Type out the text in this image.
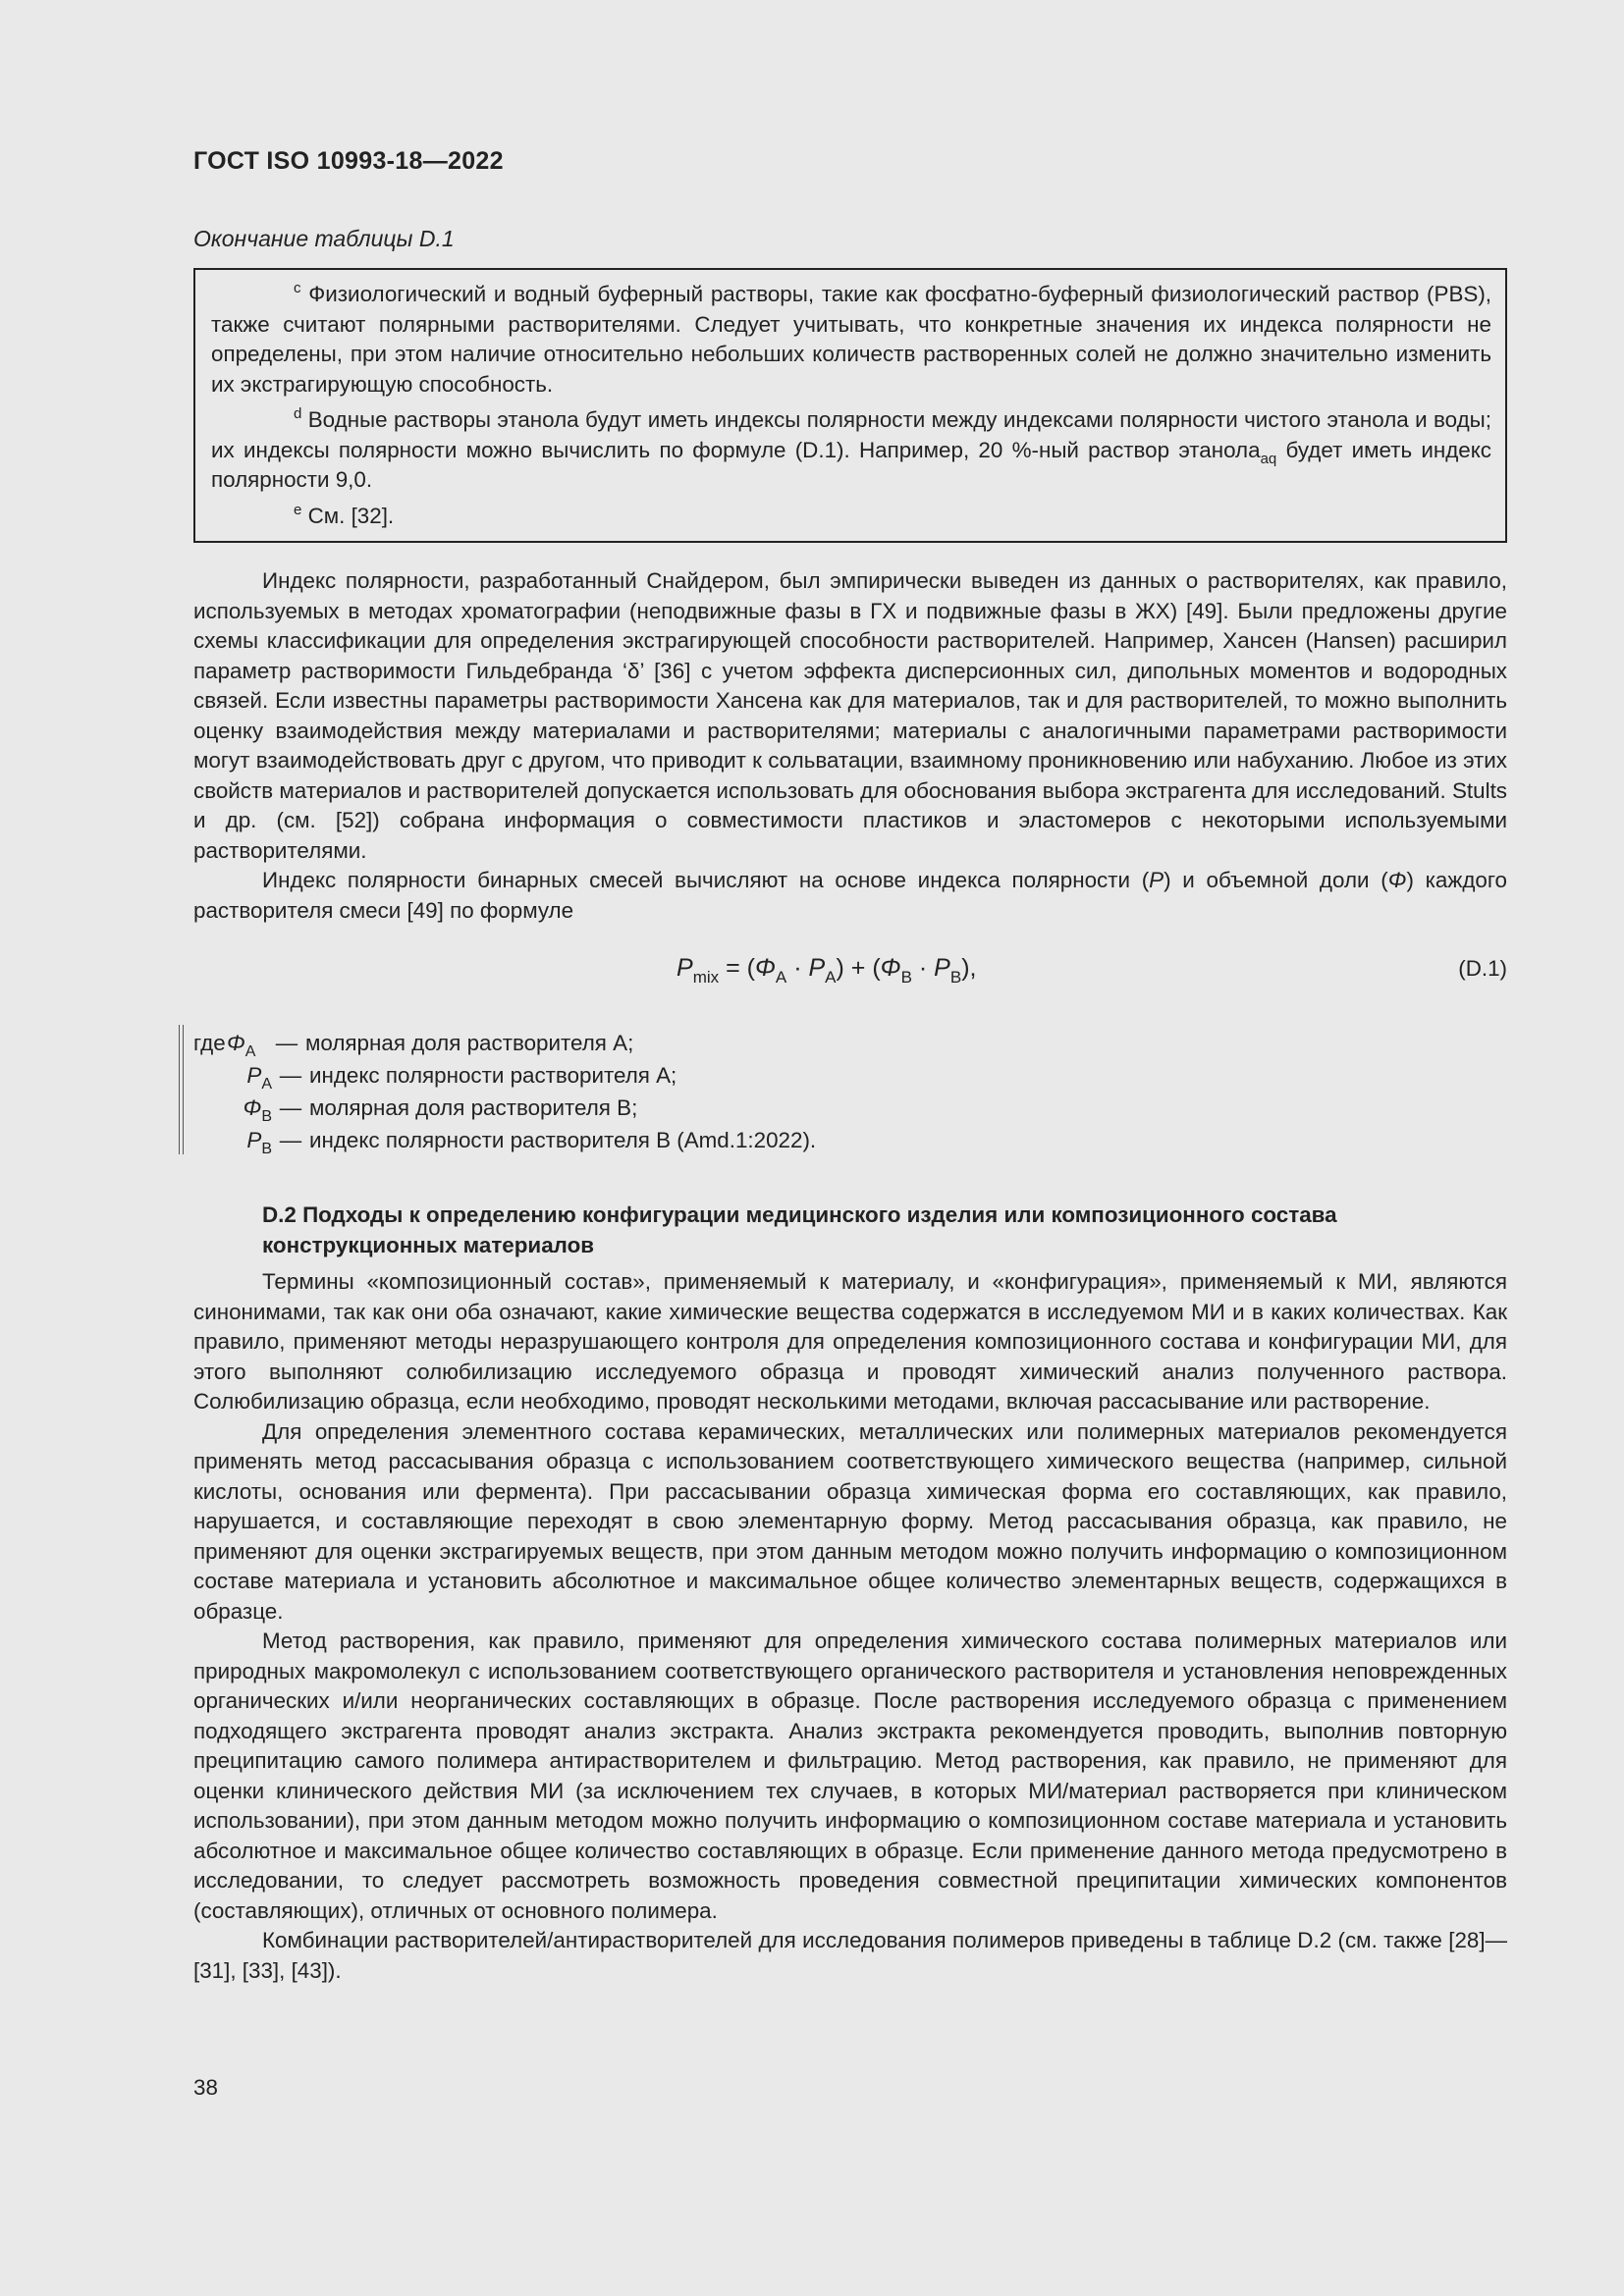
ГОСТ ISO 10993-18—2022
Окончание таблицы D.1

$^c$ Физиологический и водный буферный растворы, такие как фосфатно-буферный физиологический раствор (PBS), также считают полярными растворителями. Следует учитывать, что конкретные значения их индекса полярности не определены, при этом наличие относительно небольших количеств растворенных солей не должно значительно изменить их экстрагирующую способность.

$^d$ Водные растворы этанола будут иметь индексы полярности между индексами полярности чистого этанола и воды; их индексы полярности можно вычислить по формуле (D.1). Например, 20 %-ный раствор этанола$_{aq}$ будет иметь индекс полярности 9,0.

$^e$ См. [32].

Индекс полярности, разработанный Снайдером, был эмпирически выведен из данных о растворителях, как правило, используемых в методах хроматографии (неподвижные фазы в ГХ и подвижные фазы в ЖХ) [49]. Были предложены другие схемы классификации для определения экстрагирующей способности растворителей. Например, Хансен (Hansen) расширил параметр растворимости Гильдебранда ‘δ’ [36] с учетом эффекта дисперсионных сил, дипольных моментов и водородных связей. Если известны параметры растворимости Хансена как для материалов, так и для растворителей, то можно выполнить оценку взаимодействия между материалами и растворителями; материалы с аналогичными параметрами растворимости могут взаимодействовать друг с другом, что приводит к сольватации, взаимному проникновению или набуханию. Любое из этих свойств материалов и растворителей допускается использовать для обоснования выбора экстрагента для исследований. Stults и др. (см. [52]) собрана информация о совместимости пластиков и эластомеров с некоторыми используемыми растворителями.

Индекс полярности бинарных смесей вычисляют на основе индекса полярности (P) и объемной доли (Φ) каждого растворителя смеси [49] по формуле

$P_{mix} = (\Phi_A \cdot P_A) + (\Phi_B \cdot P_B)$,	(D.1)
где $\Phi_A$ — молярная доля растворителя A;
$P_A$ — индекс полярности растворителя A;
$\Phi_B$ — молярная доля растворителя B;
$P_B$ — индекс полярности растворителя B (Amd.1:2022).
D.2 Подходы к определению конфигурации медицинского изделия или композиционного состава конструкционных материалов

Термины «композиционный состав», применяемый к материалу, и «конфигурация», применяемый к МИ, являются синонимами, так как они оба означают, какие химические вещества содержатся в исследуемом МИ и в каких количествах. Как правило, применяют методы неразрушающего контроля для определения композиционного состава и конфигурации МИ, для этого выполняют солюбилизацию исследуемого образца и проводят химический анализ полученного раствора. Солюбилизацию образца, если необходимо, проводят несколькими методами, включая рассасывание или растворение.

Для определения элементного состава керамических, металлических или полимерных материалов рекомендуется применять метод рассасывания образца с использованием соответствующего химического вещества (например, сильной кислоты, основания или фермента). При рассасывании образца химическая форма его составляющих, как правило, нарушается, и составляющие переходят в свою элементарную форму. Метод рассасывания образца, как правило, не применяют для оценки экстрагируемых веществ, при этом данным методом можно получить информацию о композиционном составе материала и установить абсолютное и максимальное общее количество элементарных веществ, содержащихся в образце.

Метод растворения, как правило, применяют для определения химического состава полимерных материалов или природных макромолекул с использованием соответствующего органического растворителя и установления неповрежденных органических и/или неорганических составляющих в образце. После растворения исследуемого образца с применением подходящего экстрагента проводят анализ экстракта. Анализ экстракта рекомендуется проводить, выполнив повторную преципитацию самого полимера антирастворителем и фильтрацию. Метод растворения, как правило, не применяют для оценки клинического действия МИ (за исключением тех случаев, в которых МИ/материал растворяется при клиническом использовании), при этом данным методом можно получить информацию о композиционном составе материала и установить абсолютное и максимальное общее количество составляющих в образце. Если применение данного метода предусмотрено в исследовании, то следует рассмотреть возможность проведения совместной преципитации химических компонентов (составляющих), отличных от основного полимера.

Комбинации растворителей/антирастворителей для исследования полимеров приведены в таблице D.2 (см. также [28]—[31], [33], [43]).

38
